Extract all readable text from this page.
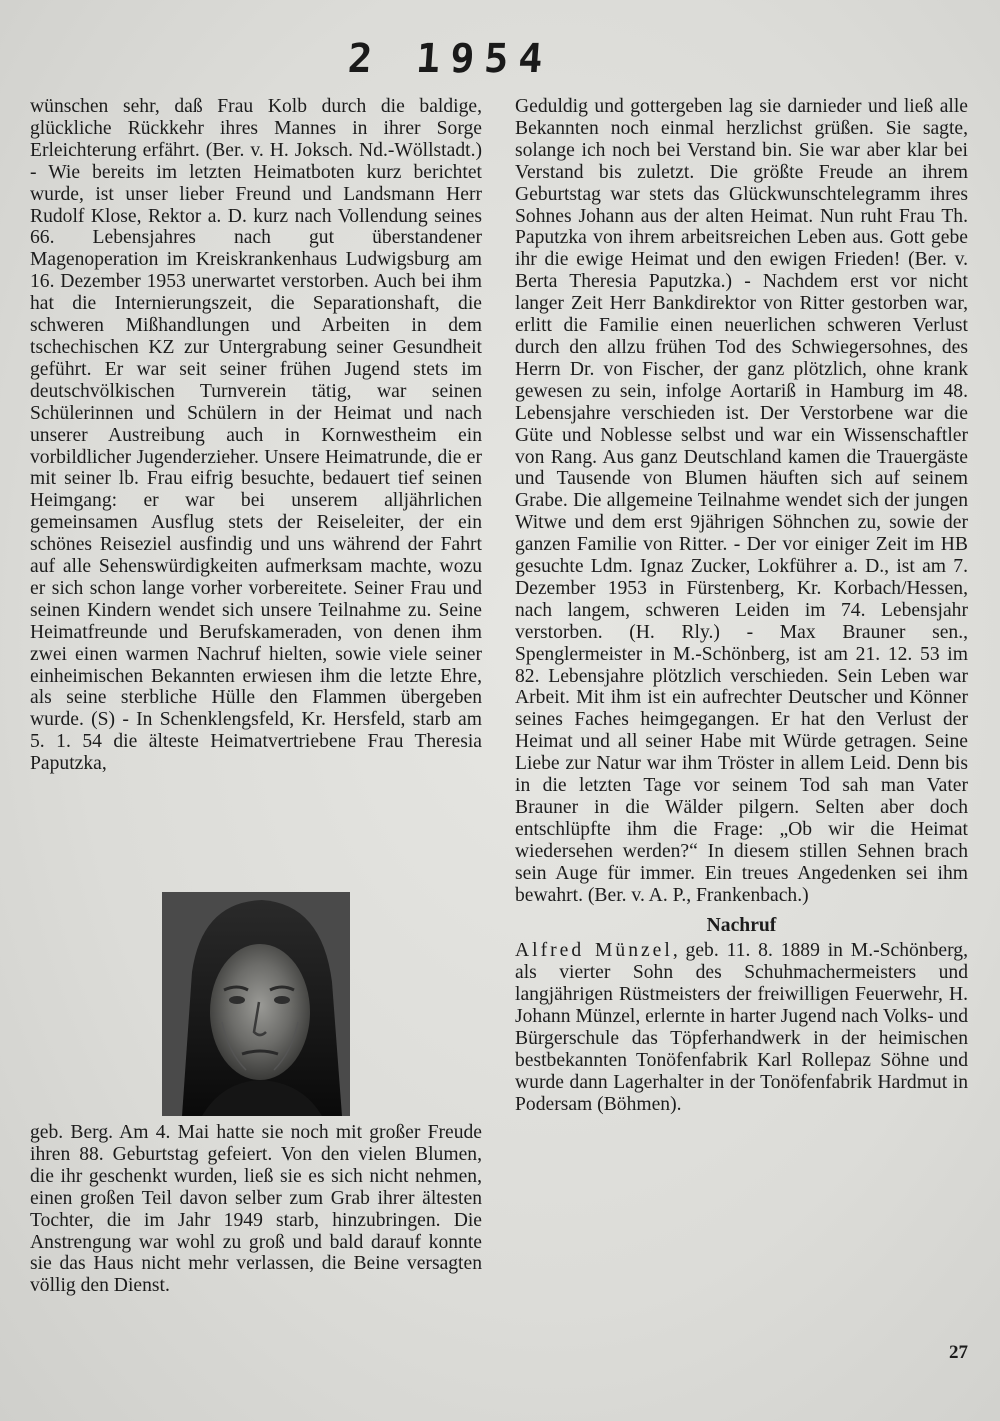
2 1954

wünschen sehr, daß Frau Kolb durch die baldige, glückliche Rückkehr ihres Mannes in ihrer Sorge Erleichterung erfährt. (Ber. v. H. Joksch. Nd.-Wöllstadt.) - Wie bereits im letzten Heimatboten kurz berichtet wurde, ist unser lieber Freund und Landsmann Herr Rudolf Klose, Rektor a. D. kurz nach Vollendung seines 66. Lebensjahres nach gut überstandener Magenoperation im Kreiskrankenhaus Ludwigsburg am 16. Dezember 1953 unerwartet verstorben. Auch bei ihm hat die Internierungszeit, die Separationshaft, die schweren Mißhandlungen und Arbeiten in dem tschechischen KZ zur Untergrabung seiner Gesundheit geführt. Er war seit seiner frühen Jugend stets im deutschvölkischen Turnverein tätig, war seinen Schülerinnen und Schülern in der Heimat und nach unserer Austreibung auch in Kornwestheim ein vorbildlicher Jugenderzieher. Unsere Heimatrunde, die er mit seiner lb. Frau eifrig besuchte, bedauert tief seinen Heimgang: er war bei unserem alljährlichen gemeinsamen Ausflug stets der Reiseleiter, der ein schönes Reiseziel ausfindig und uns während der Fahrt auf alle Sehenswürdigkeiten aufmerksam machte, wozu er sich schon lange vorher vorbereitete. Seiner Frau und seinen Kindern wendet sich unsere Teilnahme zu. Seine Heimatfreunde und Berufskameraden, von denen ihm zwei einen warmen Nachruf hielten, sowie viele seiner einheimischen Bekannten erwiesen ihm die letzte Ehre, als seine sterbliche Hülle den Flammen übergeben wurde. (S) - In Schenklengsfeld, Kr. Hersfeld, starb am 5. 1. 54 die älteste Heimatvertriebene Frau Theresia Paputzka,

geb. Berg. Am 4. Mai hatte sie noch mit großer Freude ihren 88. Geburtstag gefeiert. Von den vielen Blumen, die ihr geschenkt wurden, ließ sie es sich nicht nehmen, einen großen Teil davon selber zum Grab ihrer ältesten Tochter, die im Jahr 1949 starb, hinzubringen. Die Anstrengung war wohl zu groß und bald darauf konnte sie das Haus nicht mehr verlassen, die Beine versagten völlig den Dienst.

Geduldig und gottergeben lag sie darnieder und ließ alle Bekannten noch einmal herzlichst grüßen. Sie sagte, solange ich noch bei Verstand bin. Sie war aber klar bei Verstand bis zuletzt. Die größte Freude an ihrem Geburtstag war stets das Glückwunschtelegramm ihres Sohnes Johann aus der alten Heimat. Nun ruht Frau Th. Paputzka von ihrem arbeitsreichen Leben aus. Gott gebe ihr die ewige Heimat und den ewigen Frieden! (Ber. v. Berta Theresia Paputzka.) - Nachdem erst vor nicht langer Zeit Herr Bankdirektor von Ritter gestorben war, erlitt die Familie einen neuerlichen schweren Verlust durch den allzu frühen Tod des Schwiegersohnes, des Herrn Dr. von Fischer, der ganz plötzlich, ohne krank gewesen zu sein, infolge Aortariß in Hamburg im 48. Lebensjahre verschieden ist. Der Verstorbene war die Güte und Noblesse selbst und war ein Wissenschaftler von Rang. Aus ganz Deutschland kamen die Trauergäste und Tausende von Blumen häuften sich auf seinem Grabe. Die allgemeine Teilnahme wendet sich der jungen Witwe und dem erst 9jährigen Söhnchen zu, sowie der ganzen Familie von Ritter. - Der vor einiger Zeit im HB gesuchte Ldm. Ignaz Zucker, Lokführer a. D., ist am 7. Dezember 1953 in Fürstenberg, Kr. Korbach/Hessen, nach langem, schweren Leiden im 74. Lebensjahr verstorben. (H. Rly.) - Max Brauner sen., Spenglermeister in M.-Schönberg, ist am 21. 12. 53 im 82. Lebensjahre plötzlich verschieden. Sein Leben war Arbeit. Mit ihm ist ein aufrechter Deutscher und Könner seines Faches heimgegangen. Er hat den Verlust der Heimat und all seiner Habe mit Würde getragen. Seine Liebe zur Natur war ihm Tröster in allem Leid. Denn bis in die letzten Tage vor seinem Tod sah man Vater Brauner in die Wälder pilgern. Selten aber doch entschlüpfte ihm die Frage: „Ob wir die Heimat wiedersehen werden?“ In diesem stillen Sehnen brach sein Auge für immer. Ein treues Angedenken sei ihm bewahrt. (Ber. v. A. P., Frankenbach.)

Nachruf

Alfred Münzel, geb. 11. 8. 1889 in M.-Schönberg, als vierter Sohn des Schuhmachermeisters und langjährigen Rüstmeisters der freiwilligen Feuerwehr, H. Johann Münzel, erlernte in harter Jugend nach Volks- und Bürgerschule das Töpferhandwerk in der heimischen bestbekannten Tonöfenfabrik Karl Rollepaz Söhne und wurde dann Lagerhalter in der Tonöfenfabrik Hardmut in Podersam (Böhmen).

27
